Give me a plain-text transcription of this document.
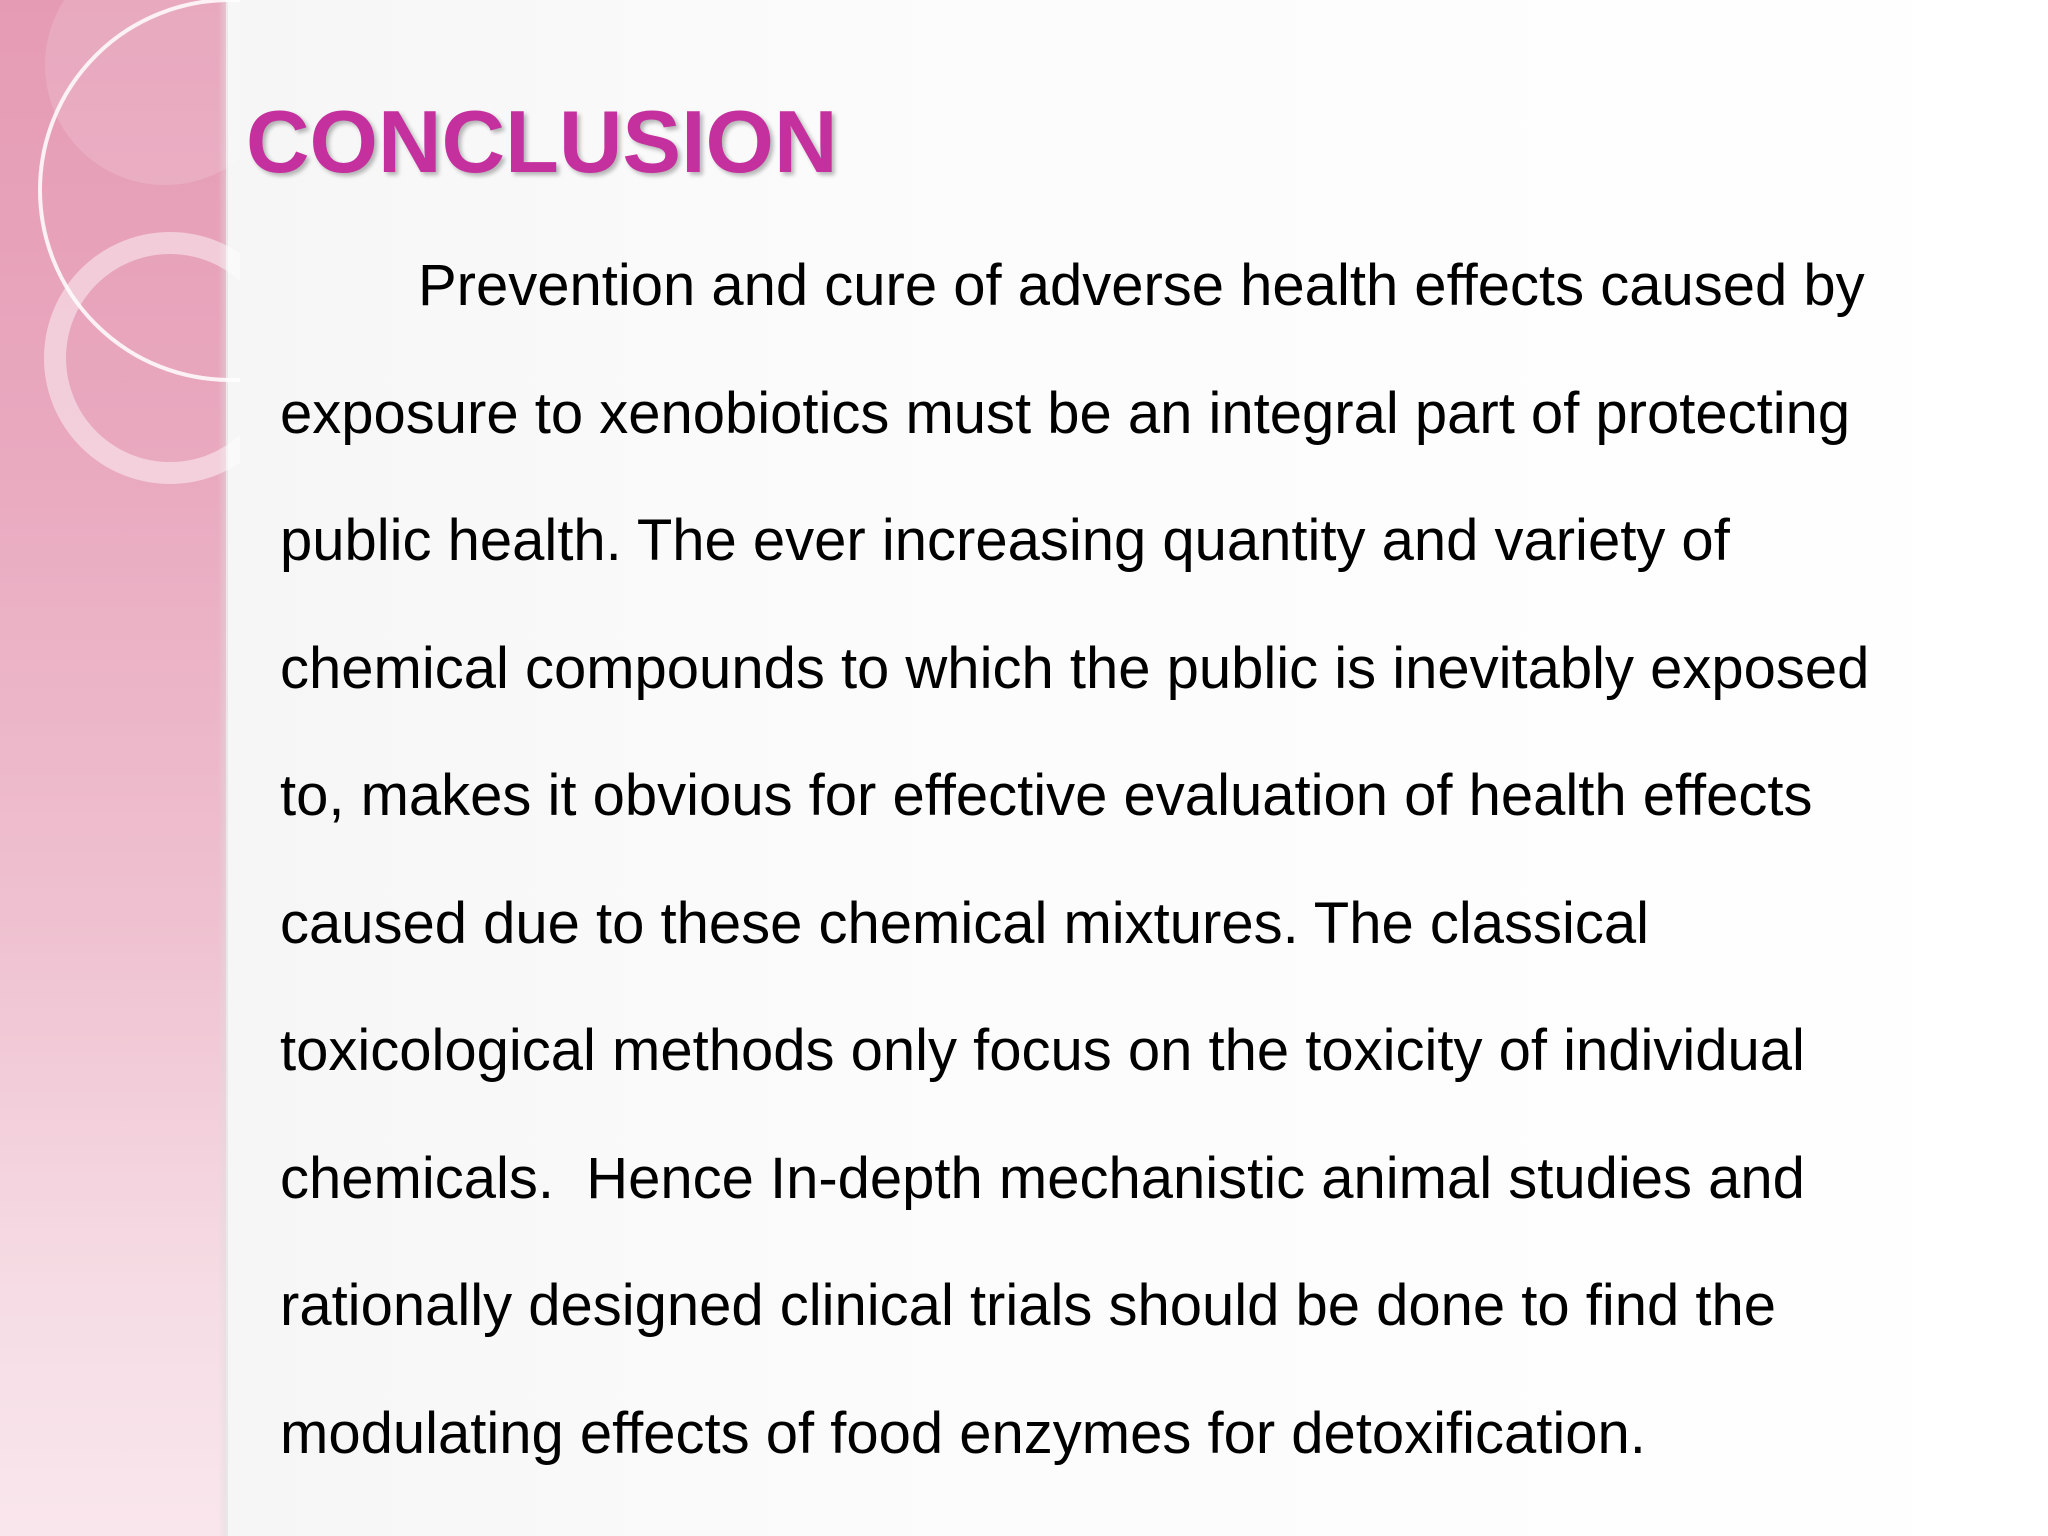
CONCLUSION
Prevention and cure of adverse health effects caused by
exposure to xenobiotics must be an integral part of protecting
public health. The ever increasing quantity and variety of
chemical compounds to which the public is inevitably exposed
to, makes it obvious for effective evaluation of health effects
caused due to these chemical mixtures. The classical
toxicological methods only focus on the toxicity of individual
chemicals.  Hence In-depth mechanistic animal studies and
rationally designed clinical trials should be done to find the
modulating effects of food enzymes for detoxification.
